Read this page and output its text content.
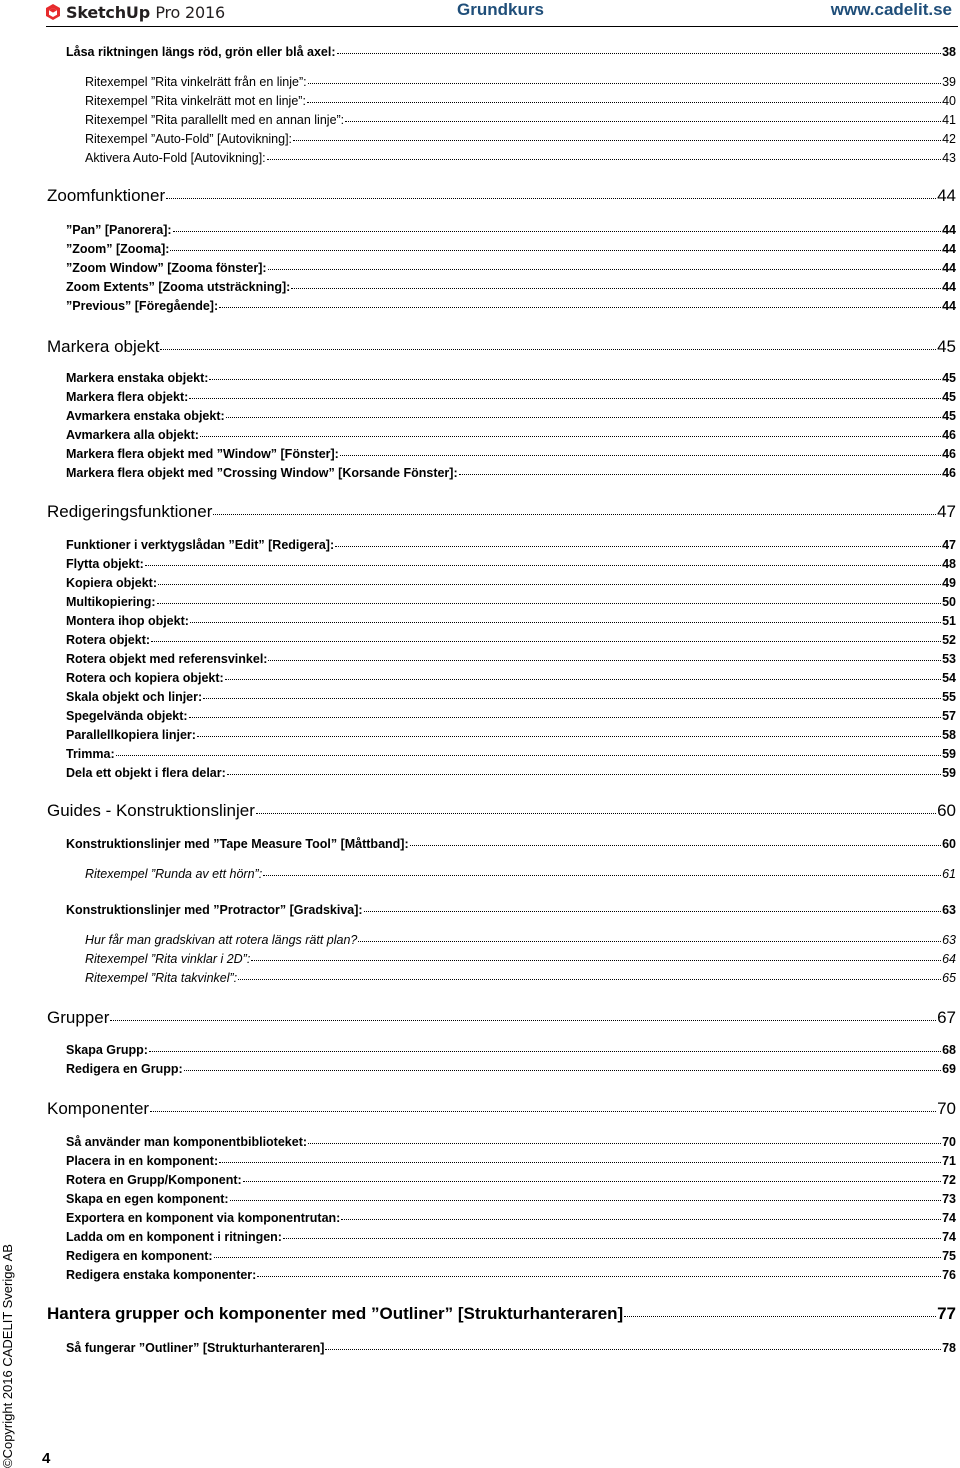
SketchUp Pro 2016	Grundkurs	www.cadelit.se
Låsa riktningen längs röd, grön eller blå axel:	38
Ritexempel ”Rita vinkelrätt från en linje”:	39
Ritexempel ”Rita vinkelrätt mot en linje”:	40
Ritexempel ”Rita parallellt med en annan linje”:	41
Ritexempel ”Auto-Fold” [Autovikning]:	42
Aktivera Auto-Fold [Autovikning]:	43
Zoomfunktioner	44
”Pan” [Panorera]:	44
”Zoom” [Zooma]:	44
”Zoom Window” [Zooma fönster]:	44
Zoom Extents” [Zooma utsträckning]:	44
”Previous” [Föregående]:	44
Markera objekt	45
Markera enstaka objekt:	45
Markera flera objekt:	45
Avmarkera enstaka objekt:	45
Avmarkera alla objekt:	46
Markera flera objekt med ”Window” [Fönster]:	46
Markera flera objekt med ”Crossing Window” [Korsande Fönster]:	46
Redigeringsfunktioner	47
Funktioner i verktygslådan ”Edit” [Redigera]:	47
Flytta objekt:	48
Kopiera objekt:	49
Multikopiering:	50
Montera ihop objekt:	51
Rotera objekt:	52
Rotera objekt med referensvinkel:	53
Rotera och kopiera objekt:	54
Skala objekt och linjer:	55
Spegelvända objekt:	57
Parallellkopiera linjer:	58
Trimma:	59
Dela ett objekt i flera delar:	59
Guides - Konstruktionslinjer	60
Konstruktionslinjer med ”Tape Measure Tool” [Måttband]:	60
Ritexempel ”Runda av ett hörn”:	61
Konstruktionslinjer med ”Protractor” [Gradskiva]:	63
Hur får man gradskivan att rotera längs rätt plan?	63
Ritexempel ”Rita vinklar i 2D”:	64
Ritexempel ”Rita takvinkel”:	65
Grupper	67
Skapa Grupp:	68
Redigera en Grupp:	69
Komponenter	70
Så använder man komponentbiblioteket:	70
Placera in en komponent:	71
Rotera en Grupp/Komponent:	72
Skapa en egen komponent:	73
Exportera en komponent via komponentrutan:	74
Ladda om en komponent i ritningen:	74
Redigera en komponent:	75
Redigera enstaka komponenter:	76
Hantera grupper och komponenter med ”Outliner” [Strukturhanteraren]	77
Så fungerar ”Outliner” [Strukturhanteraren]	78
©Copyright 2016 CADELIT Sverige AB 4
